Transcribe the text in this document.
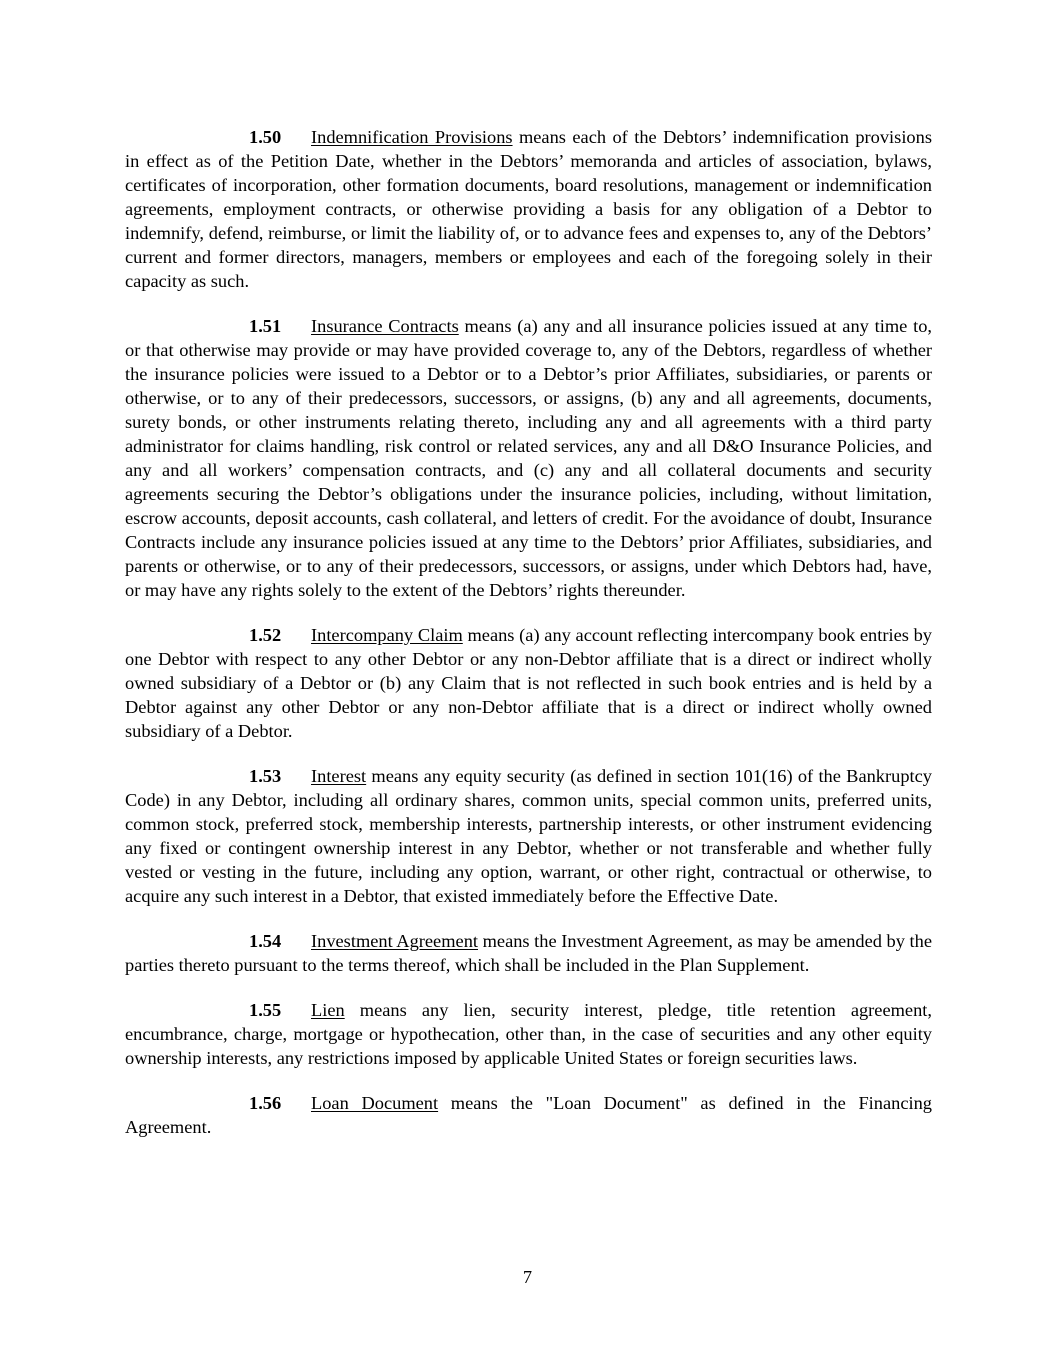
1.50 Indemnification Provisions means each of the Debtors’ indemnification provisions in effect as of the Petition Date, whether in the Debtors’ memoranda and articles of association, bylaws, certificates of incorporation, other formation documents, board resolutions, management or indemnification agreements, employment contracts, or otherwise providing a basis for any obligation of a Debtor to indemnify, defend, reimburse, or limit the liability of, or to advance fees and expenses to, any of the Debtors’ current and former directors, managers, members or employees and each of the foregoing solely in their capacity as such.

1.51 Insurance Contracts means (a) any and all insurance policies issued at any time to, or that otherwise may provide or may have provided coverage to, any of the Debtors, regardless of whether the insurance policies were issued to a Debtor or to a Debtor’s prior Affiliates, subsidiaries, or parents or otherwise, or to any of their predecessors, successors, or assigns, (b) any and all agreements, documents, surety bonds, or other instruments relating thereto, including any and all agreements with a third party administrator for claims handling, risk control or related services, any and all D&O Insurance Policies, and any and all workers’ compensation contracts, and (c) any and all collateral documents and security agreements securing the Debtor’s obligations under the insurance policies, including, without limitation, escrow accounts, deposit accounts, cash collateral, and letters of credit. For the avoidance of doubt, Insurance Contracts include any insurance policies issued at any time to the Debtors’ prior Affiliates, subsidiaries, and parents or otherwise, or to any of their predecessors, successors, or assigns, under which Debtors had, have, or may have any rights solely to the extent of the Debtors’ rights thereunder.

1.52 Intercompany Claim means (a) any account reflecting intercompany book entries by one Debtor with respect to any other Debtor or any non-Debtor affiliate that is a direct or indirect wholly owned subsidiary of a Debtor or (b) any Claim that is not reflected in such book entries and is held by a Debtor against any other Debtor or any non-Debtor affiliate that is a direct or indirect wholly owned subsidiary of a Debtor.

1.53 Interest means any equity security (as defined in section 101(16) of the Bankruptcy Code) in any Debtor, including all ordinary shares, common units, special common units, preferred units, common stock, preferred stock, membership interests, partnership interests, or other instrument evidencing any fixed or contingent ownership interest in any Debtor, whether or not transferable and whether fully vested or vesting in the future, including any option, warrant, or other right, contractual or otherwise, to acquire any such interest in a Debtor, that existed immediately before the Effective Date.

1.54 Investment Agreement means the Investment Agreement, as may be amended by the parties thereto pursuant to the terms thereof, which shall be included in the Plan Supplement.

1.55 Lien means any lien, security interest, pledge, title retention agreement, encumbrance, charge, mortgage or hypothecation, other than, in the case of securities and any other equity ownership interests, any restrictions imposed by applicable United States or foreign securities laws.

1.56 Loan Document means the "Loan Document" as defined in the Financing Agreement.

7
